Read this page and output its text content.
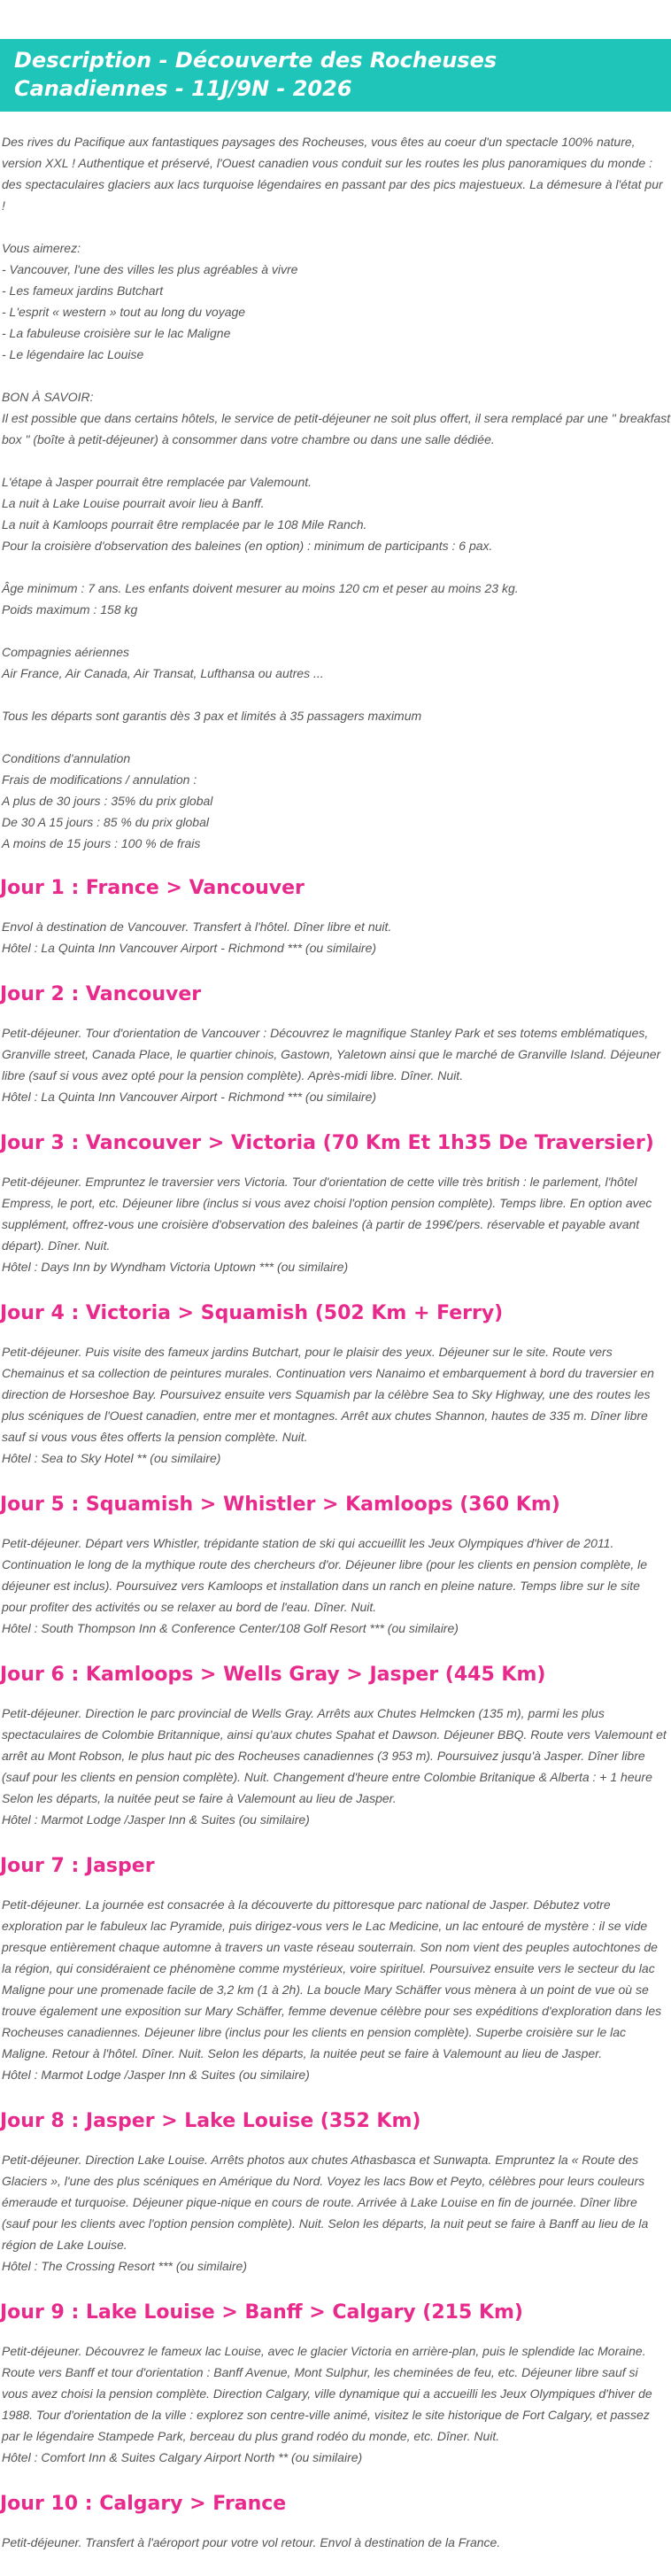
Description - Découverte des Rocheuses Canadiennes - 11J/9N - 2026

Des rives du Pacifique aux fantastiques paysages des Rocheuses, vous êtes au coeur d'un spectacle 100% nature, version XXL ! Authentique et préservé, l'Ouest canadien vous conduit sur les routes les plus panoramiques du monde : des spectaculaires glaciers aux lacs turquoise légendaires en passant par des pics majestueux. La démesure à l'état pur !

Vous aimerez:
- Vancouver, l'une des villes les plus agréables à vivre
- Les fameux jardins Butchart
- L'esprit « western » tout au long du voyage
- La fabuleuse croisière sur le lac Maligne
- Le légendaire lac Louise
BON À SAVOIR:
Il est possible que dans certains hôtels, le service de petit-déjeuner ne soit plus offert, il sera remplacé par une " breakfast box " (boîte à petit-déjeuner) à consommer dans votre chambre ou dans une salle dédiée.
L'étape à Jasper pourrait être remplacée par Valemount.
La nuit à Lake Louise pourrait avoir lieu à Banff.
La nuit à Kamloops pourrait être remplacée par le 108 Mile Ranch.
Pour la croisière d'observation des baleines (en option) : minimum de participants : 6 pax.
Âge minimum : 7 ans. Les enfants doivent mesurer au moins 120 cm et peser au moins 23 kg.
Poids maximum : 158 kg
Compagnies aériennes
Air France, Air Canada, Air Transat, Lufthansa ou autres ...
Tous les départs sont garantis dès 3 pax et limités à 35 passagers maximum
Conditions d'annulation
Frais de modifications / annulation :
A plus de 30 jours : 35% du prix global
De 30 A 15 jours : 85 % du prix global
A moins de 15 jours : 100 % de frais
Jour 1 : France > Vancouver

Envol à destination de Vancouver. Transfert à l'hôtel. Dîner libre et nuit.

Hôtel : La Quinta Inn Vancouver Airport - Richmond *** (ou similaire)
Jour 2 : Vancouver

Petit-déjeuner. Tour d'orientation de Vancouver : Découvrez le magnifique Stanley Park et ses totems emblématiques, Granville street, Canada Place, le quartier chinois, Gastown, Yaletown ainsi que le marché de Granville Island. Déjeuner libre (sauf si vous avez opté pour la pension complète). Après-midi libre. Dîner. Nuit.

Hôtel : La Quinta Inn Vancouver Airport - Richmond *** (ou similaire)
Jour 3 : Vancouver > Victoria (70 Km Et 1h35 De Traversier)

Petit-déjeuner. Empruntez le traversier vers Victoria. Tour d'orientation de cette ville très british : le parlement, l'hôtel Empress, le port, etc. Déjeuner libre (inclus si vous avez choisi l'option pension complète). Temps libre. En option avec supplément, offrez-vous une croisière d'observation des baleines (à partir de 199€/pers. réservable et payable avant départ). Dîner. Nuit.

Hôtel : Days Inn by Wyndham Victoria Uptown *** (ou similaire)
Jour 4 : Victoria > Squamish (502 Km + Ferry)

Petit-déjeuner. Puis visite des fameux jardins Butchart, pour le plaisir des yeux. Déjeuner sur le site. Route vers Chemainus et sa collection de peintures murales. Continuation vers Nanaimo et embarquement à bord du traversier en direction de Horseshoe Bay. Poursuivez ensuite vers Squamish par la célèbre Sea to Sky Highway, une des routes les plus scéniques de l'Ouest canadien, entre mer et montagnes. Arrêt aux chutes Shannon, hautes de 335 m. Dîner libre sauf si vous vous êtes offerts la pension complète. Nuit.

Hôtel : Sea to Sky Hotel ** (ou similaire)
Jour 5 : Squamish > Whistler > Kamloops (360 Km)

Petit-déjeuner. Départ vers Whistler, trépidante station de ski qui accueillit les Jeux Olympiques d'hiver de 2011. Continuation le long de la mythique route des chercheurs d'or. Déjeuner libre (pour les clients en pension complète, le déjeuner est inclus). Poursuivez vers Kamloops et installation dans un ranch en pleine nature. Temps libre sur le site pour profiter des activités ou se relaxer au bord de l'eau. Dîner. Nuit.

Hôtel : South Thompson Inn & Conference Center/108 Golf Resort *** (ou similaire)
Jour 6 : Kamloops > Wells Gray > Jasper (445 Km)

Petit-déjeuner. Direction le parc provincial de Wells Gray. Arrêts aux Chutes Helmcken (135 m), parmi les plus spectaculaires de Colombie Britannique, ainsi qu'aux chutes Spahat et Dawson. Déjeuner BBQ. Route vers Valemount et arrêt au Mont Robson, le plus haut pic des Rocheuses canadiennes (3 953 m). Poursuivez jusqu'à Jasper. Dîner libre (sauf pour les clients en pension complète). Nuit. Changement d'heure entre Colombie Britanique & Alberta : + 1 heure Selon les départs, la nuitée peut se faire à Valemount au lieu de Jasper.

Hôtel : Marmot Lodge /Jasper Inn & Suites (ou similaire)
Jour 7 : Jasper

Petit-déjeuner. La journée est consacrée à la découverte du pittoresque parc national de Jasper. Débutez votre exploration par le fabuleux lac Pyramide, puis dirigez-vous vers le Lac Medicine, un lac entouré de mystère : il se vide presque entièrement chaque automne à travers un vaste réseau souterrain. Son nom vient des peuples autochtones de la région, qui considéraient ce phénomène comme mystérieux, voire spirituel. Poursuivez ensuite vers le secteur du lac Maligne pour une promenade facile de 3,2 km (1 à 2h). La boucle Mary Schäffer vous mènera à un point de vue où se trouve également une exposition sur Mary Schäffer, femme devenue célèbre pour ses expéditions d'exploration dans les Rocheuses canadiennes. Déjeuner libre (inclus pour les clients en pension complète). Superbe croisière sur le lac Maligne. Retour à l'hôtel. Dîner. Nuit. Selon les départs, la nuitée peut se faire à Valemount au lieu de Jasper.

Hôtel : Marmot Lodge /Jasper Inn & Suites (ou similaire)
Jour 8 : Jasper > Lake Louise (352 Km)

Petit-déjeuner. Direction Lake Louise. Arrêts photos aux chutes Athasbasca et Sunwapta. Empruntez la « Route des Glaciers », l'une des plus scéniques en Amérique du Nord. Voyez les lacs Bow et Peyto, célèbres pour leurs couleurs émeraude et turquoise. Déjeuner pique-nique en cours de route. Arrivée à Lake Louise en fin de journée. Dîner libre (sauf pour les clients avec l'option pension complète). Nuit. Selon les départs, la nuit peut se faire à Banff au lieu de la région de Lake Louise.

Hôtel : The Crossing Resort *** (ou similaire)
Jour 9 : Lake Louise > Banff > Calgary (215 Km)

Petit-déjeuner. Découvrez le fameux lac Louise, avec le glacier Victoria en arrière-plan, puis le splendide lac Moraine. Route vers Banff et tour d'orientation : Banff Avenue, Mont Sulphur, les cheminées de feu, etc. Déjeuner libre sauf si vous avez choisi la pension complète. Direction Calgary, ville dynamique qui a accueilli les Jeux Olympiques d'hiver de 1988. Tour d'orientation de la ville : explorez son centre-ville animé, visitez le site historique de Fort Calgary, et passez par le légendaire Stampede Park, berceau du plus grand rodéo du monde, etc. Dîner. Nuit.

Hôtel : Comfort Inn & Suites Calgary Airport North ** (ou similaire)
Jour 10 : Calgary > France

Petit-déjeuner. Transfert à l'aéroport pour votre vol retour. Envol à destination de la France.
